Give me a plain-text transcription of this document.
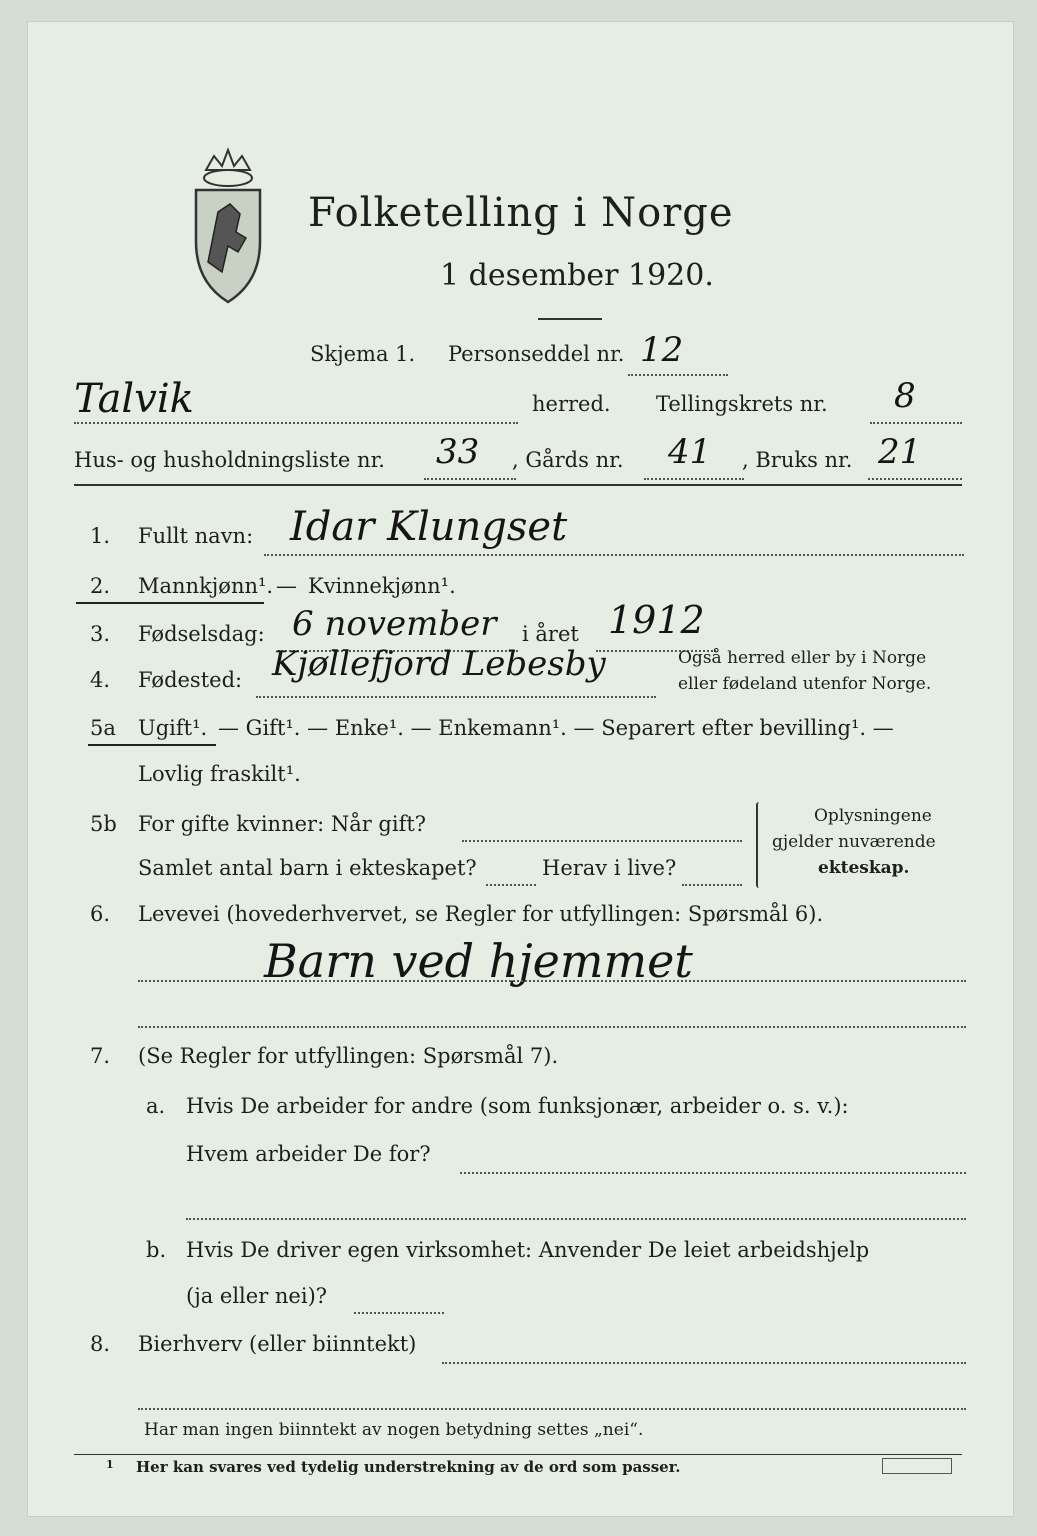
Folketelling i Norge
1 desember 1920.
Skjema 1. Personseddel nr. 12
Talvik	herred. Tellingskrets nr. 8
Hus- og husholdningsliste nr. 33 , Gårds nr. 41 , Bruks nr. 21
1. Fullt navn: Idar Klungset
2. Mannkjønn¹. — Kvinnekjønn¹.
3. Fødselsdag: 6 november i året 1912
4. Fødested: Kjøllefjord Lebesby	Også herred eller by i Norge
eller fødeland utenfor Norge.
5a Ugift¹. — Gift¹. — Enke¹. — Enkemann¹. — Separert efter bevilling¹. —
Lovlig fraskilt¹.
5b For gifte kvinner: Når gift?
Samlet antal barn i ekteskapet?	Herav i live?
Oplysningene
gjelder nuværende
ekteskap.
6. Levevei (hovederhvervet, se Regler for utfyllingen: Spørsmål 6).
Barn ved hjemmet
7. (Se Regler for utfyllingen: Spørsmål 7).
a. Hvis De arbeider for andre (som funksjonær, arbeider o. s. v.):
Hvem arbeider De for?
b. Hvis De driver egen virksomhet: Anvender De leiet arbeidshjelp
(ja eller nei)?
8. Bierhverv (eller biinntekt)
Har man ingen biinntekt av nogen betydning settes „nei“.
1 Her kan svares ved tydelig understrekning av de ord som passer.
